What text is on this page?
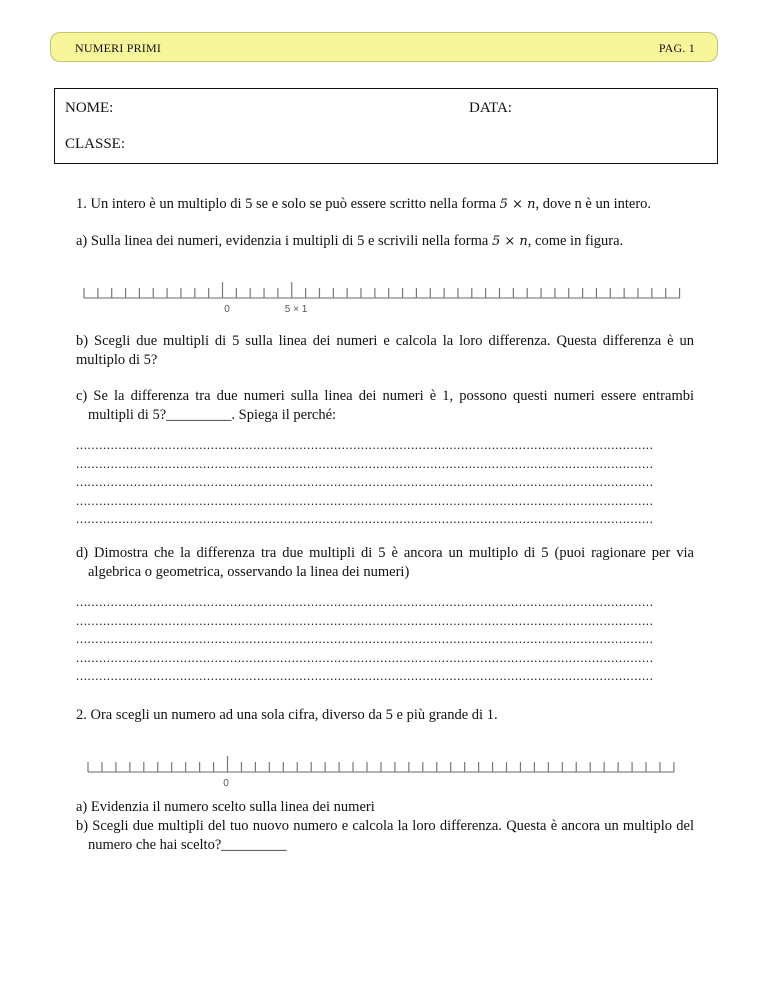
NUMERI PRIMI	PAG. 1
NOME:	DATA:
CLASSE:
1. Un intero è un multiplo di 5 se e solo se può essere scritto nella forma 5 × n, dove n è un intero.
a) Sulla linea dei numeri, evidenzia i multipli di 5 e scrivili nella forma 5 × n, come in figura.
0	5 × 1
b) Scegli due multipli di 5 sulla linea dei numeri e calcola la loro differenza. Questa differenza è un multiplo di 5?
c) Se la differenza tra due numeri sulla linea dei numeri è 1, possono questi numeri essere entrambi multipli di 5?_________. Spiega il perché:
......................................................................................................................................................
......................................................................................................................................................
......................................................................................................................................................
......................................................................................................................................................
......................................................................................................................................................
d) Dimostra che la differenza tra due multipli di 5 è ancora un multiplo di 5 (puoi ragionare per via algebrica o geometrica, osservando la linea dei numeri)
......................................................................................................................................................
......................................................................................................................................................
......................................................................................................................................................
......................................................................................................................................................
......................................................................................................................................................
2. Ora scegli un numero ad una sola cifra, diverso da 5 e più grande di 1.
0
a) Evidenzia il numero scelto sulla linea dei numeri
b) Scegli due multipli del tuo nuovo numero e calcola la loro differenza. Questa è ancora un multiplo del numero che hai scelto?_________
